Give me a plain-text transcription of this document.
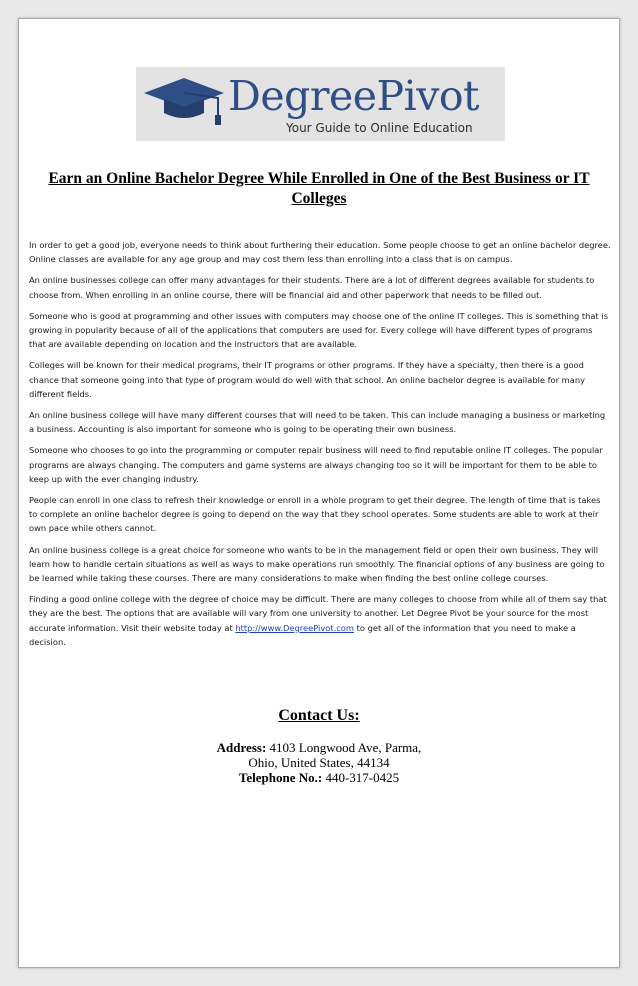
DegreePivot
Your Guide to Online Education
Earn an Online Bachelor Degree While Enrolled in One of the Best Business or IT Colleges

In order to get a good job, everyone needs to think about furthering their education. Some people choose to get an online bachelor degree. Online classes are available for any age group and may cost them less than enrolling into a class that is on campus.

An online businesses college can offer many advantages for their students. There are a lot of different degrees available for students to choose from. When enrolling in an online course, there will be financial aid and other paperwork that needs to be filled out.

Someone who is good at programming and other issues with computers may choose one of the online IT colleges. This is something that is growing in popularity because of all of the applications that computers are used for. Every college will have different types of programs that are available depending on location and the instructors that are available.

Colleges will be known for their medical programs, their IT programs or other programs. If they have a specialty, then there is a good chance that someone going into that type of program would do well with that school. An online bachelor degree is available for many different fields.

An online business college will have many different courses that will need to be taken. This can include managing a business or marketing a business. Accounting is also important for someone who is going to be operating their own business.

Someone who chooses to go into the programming or computer repair business will need to find reputable online IT colleges. The popular programs are always changing. The computers and game systems are always changing too so it will be important for them to be able to keep up with the ever changing industry.

People can enroll in one class to refresh their knowledge or enroll in a whole program to get their degree. The length of time that is takes to complete an online bachelor degree is going to depend on the way that they school operates. Some students are able to work at their own pace while others cannot.

An online business college is a great choice for someone who wants to be in the management field or open their own business. They will learn how to handle certain situations as well as ways to make operations run smoothly. The financial options of any business are going to be learned while taking these courses. There are many considerations to make when finding the best online college courses.

Finding a good online college with the degree of choice may be difficult. There are many colleges to choose from while all of them say that they are the best. The options that are available will vary from one university to another. Let Degree Pivot be your source for the most accurate information. Visit their website today at http://www.DegreePivot.com to get all of the information that you need to make a decision.

Contact Us:
Address: 4103 Longwood Ave, Parma,
Ohio, United States, 44134
Telephone No.: 440-317-0425
